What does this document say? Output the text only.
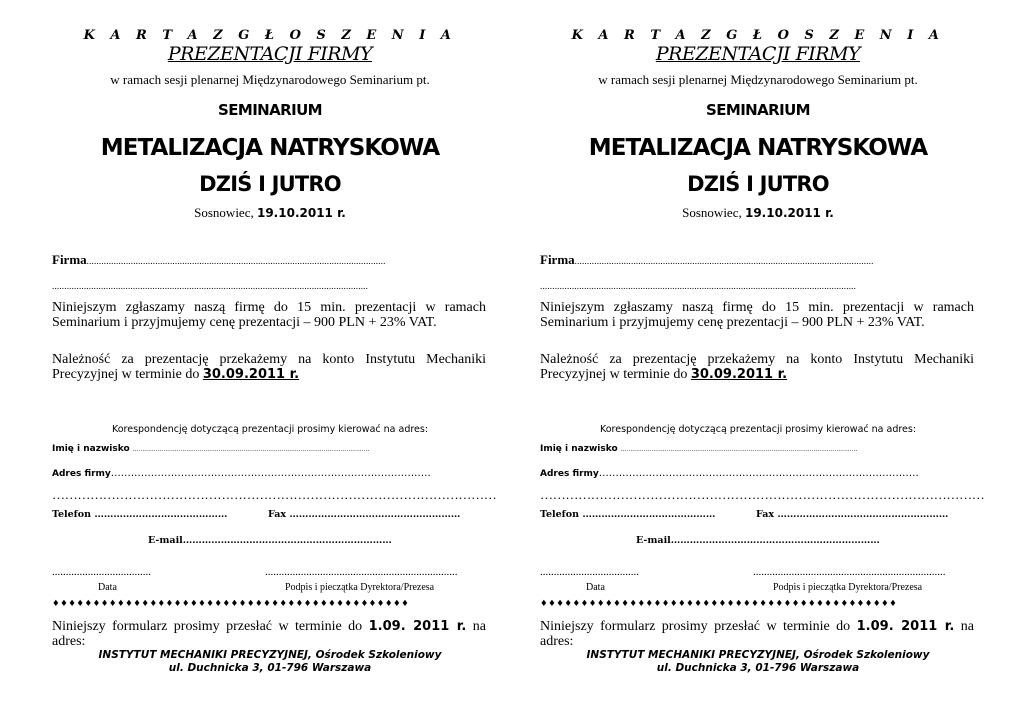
K A R T A Z G Ł O S Z E N I A
PREZENTACJI FIRMY
w ramach sesji plenarnej Międzynarodowego Seminarium pt.
SEMINARIUM
METALIZACJA NATRYSKOWA
DZIŚ I JUTRO
Sosnowiec, 19.10.2011 r.
Firma..........................................................................................................................
.................................................................................................................................
Niniejszym zgłaszamy naszą firmę do 15 min. prezentacji w ramach Seminarium i przyjmujemy cenę prezentacji – 900 PLN + 23% VAT.
Należność za prezentację przekażemy na konto Instytutu Mechaniki Precyzyjnej w terminie do 30.09.2011 r.
Korespondencję dotyczącą prezentacji prosimy kierować na adres:
Imię i nazwisko ............................................................................................................................
Adres firmy……………………………………………………………………………………
……………………………………………………………………………………………
Telefon ……………………………………	Fax ………………………………………………
E-mail…………………………………………………………
....................................	......................................................................
Data	Podpis i pieczątka Dyrektora/Prezesa
♦♦♦♦♦♦♦♦♦♦♦♦♦♦♦♦♦♦♦♦♦♦♦♦♦♦♦♦♦♦♦♦♦♦♦♦♦♦♦♦♦♦♦♦
Niniejszy formularz prosimy przesłać w terminie do 1.09. 2011 r. na adres:
INSTYTUT MECHANIKI PRECYZYJNEJ, Ośrodek Szkoleniowy
ul. Duchnicka 3, 01-796 Warszawa
K A R T A Z G Ł O S Z E N I A
PREZENTACJI FIRMY
w ramach sesji plenarnej Międzynarodowego Seminarium pt.
SEMINARIUM
METALIZACJA NATRYSKOWA
DZIŚ I JUTRO
Sosnowiec, 19.10.2011 r.
Firma..........................................................................................................................
.................................................................................................................................
Niniejszym zgłaszamy naszą firmę do 15 min. prezentacji w ramach Seminarium i przyjmujemy cenę prezentacji – 900 PLN + 23% VAT.
Należność za prezentację przekażemy na konto Instytutu Mechaniki Precyzyjnej w terminie do 30.09.2011 r.
Korespondencję dotyczącą prezentacji prosimy kierować na adres:
Imię i nazwisko ............................................................................................................................
Adres firmy……………………………………………………………………………………
……………………………………………………………………………………………
Telefon ……………………………………	Fax ………………………………………………
E-mail…………………………………………………………
....................................	......................................................................
Data	Podpis i pieczątka Dyrektora/Prezesa
♦♦♦♦♦♦♦♦♦♦♦♦♦♦♦♦♦♦♦♦♦♦♦♦♦♦♦♦♦♦♦♦♦♦♦♦♦♦♦♦♦♦♦♦
Niniejszy formularz prosimy przesłać w terminie do 1.09. 2011 r. na adres:
INSTYTUT MECHANIKI PRECYZYJNEJ, Ośrodek Szkoleniowy
ul. Duchnicka 3, 01-796 Warszawa
